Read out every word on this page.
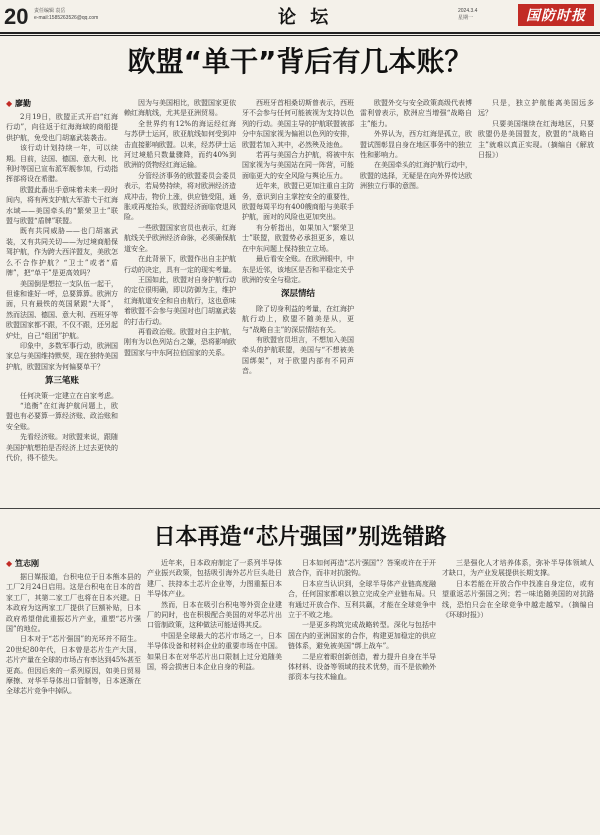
20 责任编辑 袁岳
e-mail:1585263526@qq.com	论 坛	2024.3.4
星期一	国防时报
欧盟“单干”背后有几本账？
◆ 廖勤

2月19日，欧盟正式开启“红海行动”，向往返于红海海域的商船提供护航，免受也门胡塞武装袭击。

该行动计划持续一年，可以续期。目前，法国、德国、意大利、比利时等国已宣布派军舰参加，行动指挥部将设在希腊。

欧盟此番出手意味着未来一段时间内，将有两支护航大军游弋于红海水域——美国牵头的“繁荣卫士”联盟与欧盟“盾牌”联盟。

既有共同威胁——也门胡塞武装，又有共同关切——为过境商船保驾护航，作为跨大西洋盟友，美欧怎么不合作护航？“卫士”或者“盾牌”，把“单干”是更高效吗？

美国倒是想拉一支队伍一起干，但谁和谁好一呼，总要算算。欧洲方面，只有最铁的英国紧跟“大哥”，然而法国、德国、意大利、西班牙等欧盟国家都不跟，不仅不跟，还另起炉灶，自己“组团”护航。

印象中，多数军事行动，欧洲国家总与美国维持默契，现在独特美国护航，欧盟国家为何偏要单干？

算三笔账

任何决策一定建立在自家考虑。

“追衡”在红海护航问题上，欧盟也有必要算一算经济账、政治账和安全账。

先看经济账。对欧盟来说，跟随美国护航想拍是否经济上过去更快的代价，得不偿失。

因为与美国相比，欧盟国家更依赖红海航线，尤其是亚洲贸易。

全世界约有12%的海运经红海与苏伊士运河，欧亚航线如何受到冲击直接影响欧盟。以来，经苏伊士运河过境船只数量骤降，而约40%到欧洲的货物经红海运输。

分管经济事务的欧盟委员会委员表示，若局势持续，将对欧洲经济造成冲击，物价上涨，供应链受阻，通胀或再度抬头，欧盟经济面临衰退风险。

一些欧盟国家官员也表示，红海航线关乎欧洲经济命脉，必须确保航道安全。

在此背景下，欧盟作出自主护航行动的决定，具有一定的现实考量。

王国如此，欧盟对自身护航行动的定位很明确，即以防御为主，维护红海航道安全和自由航行，这也意味着欧盟不会参与美国对也门胡塞武装的打击行动。

再看政治账。欧盟对自主护航，刚有为以色列站台之嫌，恐将影响欧盟国家与中东阿拉伯国家的关系。

西班牙首相桑切斯曾表示，西班牙不会参与任何可能被视为支持以色列的行动。美国主导的护航联盟被部分中东国家视为偏袒以色列的安排，欧盟若加入其中，必然殃及池鱼。

若再与美国合力护航，将被中东国家视为与美国站在同一阵营，可能面临更大的安全风险与舆论压力。

近年来，欧盟已更加注重自主防务，意识到自主掌控安全的重要性，欧盟每周平均有400艘商船与美联手护航，面对的风险也更加突出。

有分析指出，如果加入“繁荣卫士”联盟，欧盟势必承担更多，难以在中东问题上保持独立立场。

最后看安全账。在欧洲眼中，中东是近邻，该地区是否和平稳定关乎欧洲的安全与稳定。

深层情结

除了切身利益的考量，在红海护航行动上，欧盟不随美是从，更与“战略自主”的深层情结有关。

有欧盟官员坦言，不想加入美国牵头的护航联盟，美国与“不想被美国绑架”，对于欧盟内部有不同声音。

欧盟外交与安全政策高级代表博雷利曾表示，欧洲应当增强“战略自主”能力。

外界认为，西方红海是孤立，欧盟试图彰显自身在地区事务中的独立性和影响力。

在美国牵头的红海护航行动中，欧盟的选择，无疑是在向外界传达欧洲独立行事的意图。

只是，独立护航能离美国远多远？

只要美国继续在红海地区，只要欧盟仍是美国盟友，欧盟的“战略自主”就难以真正实现。（摘编自《解放日报》）

日本再造“芯片强国”别选错路
◆ 笪志刚

据日媒报道，台积电位于日本熊本县的工厂2月24日启用。这是台积电在日本的首家工厂，其第二家工厂也将在日本兴建。日本政府为这两家工厂提供了巨额补贴，日本政府希望借此重振芯片产业，重塑“芯片强国”的地位。

日本对于“芯片强国”的光环并不陌生。20世纪80年代，日本曾是芯片生产大国，芯片产量在全球的市场占有率达到45%甚至更高。但因后来的一系列原因，如美日贸易摩擦、对华半导体出口管制等，日本逐渐在全球芯片竞争中掉队。

近年来，日本政府制定了一系列半导体产业振兴政策，包括吸引海外芯片巨头赴日建厂、扶持本土芯片企业等，力图重振日本半导体产业。

然而，日本在吸引台积电等外资企业建厂的同时，也在积极配合美国的对华芯片出口管制政策，这种做法可能适得其反。

中国是全球最大的芯片市场之一，日本半导体设备和材料企业的重要市场在中国。如果日本在对华芯片出口限制上过分追随美国，将会损害日本企业自身的利益。

日本如何再造“芯片强国”？答案或许在于开放合作，而非对抗脱钩。

日本应当认识到，全球半导体产业链高度融合，任何国家都难以独立完成全产业链布局。只有通过开放合作、互利共赢，才能在全球竞争中立于不败之地。

一是更多构筑完成战略转型。深化与包括中国在内的亚洲国家的合作，构建更加稳定的供应链体系，避免被美国“绑上战车”。

二是应着眼创新创造，着力提升自身在半导体材料、设备等领域的技术优势，而不是依赖外部资本与技术输血。

三是强化人才培养体系，弥补半导体领域人才缺口，为产业发展提供长期支撑。

日本若能在开放合作中找准自身定位，或有望重返芯片强国之列；若一味追随美国的对抗路线，恐怕只会在全球竞争中越走越窄。（摘编自《环球时报》）
